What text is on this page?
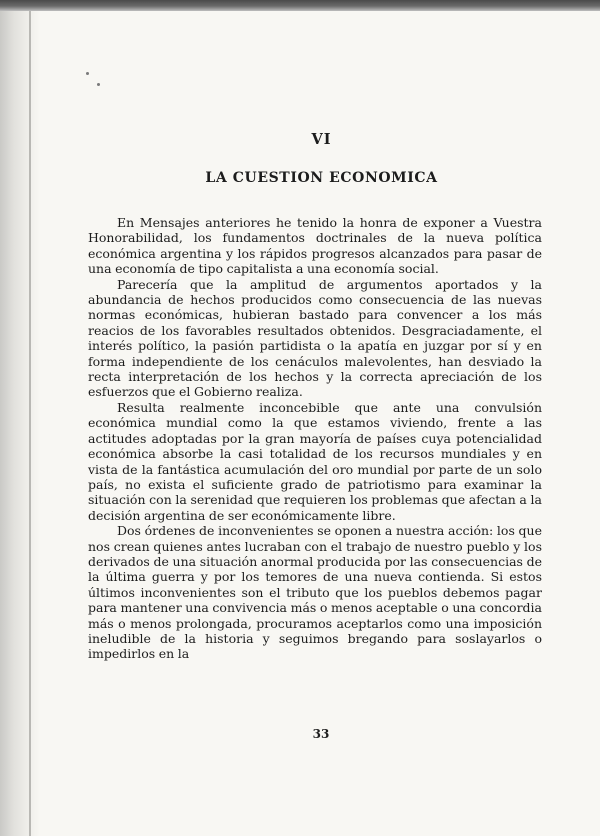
VI
LA CUESTION ECONOMICA

En Mensajes anteriores he tenido la honra de exponer a Vuestra Honorabilidad, los fundamentos doctrinales de la nueva política económica argentina y los rápidos progresos alcanzados para pasar de una economía de tipo capitalista a una economía social.

Parecería que la amplitud de argumentos aportados y la abundancia de hechos producidos como consecuencia de las nuevas normas económicas, hubieran bastado para convencer a los más reacios de los favorables resultados obtenidos. Desgraciadamente, el interés político, la pasión partidista o la apatía en juzgar por sí y en forma independiente de los cenáculos malevolentes, han desviado la recta interpretación de los hechos y la correcta apreciación de los esfuerzos que el Gobierno realiza.

Resulta realmente inconcebible que ante una convulsión económica mundial como la que estamos viviendo, frente a las actitudes adoptadas por la gran mayoría de países cuya potencialidad económica absorbe la casi totalidad de los recursos mundiales y en vista de la fantástica acumulación del oro mundial por parte de un solo país, no exista el suficiente grado de patriotismo para examinar la situación con la serenidad que requieren los problemas que afectan a la decisión argentina de ser económicamente libre.

Dos órdenes de inconvenientes se oponen a nuestra acción: los que nos crean quienes antes lucraban con el trabajo de nuestro pueblo y los derivados de una situación anormal producida por las consecuencias de la última guerra y por los temores de una nueva contienda. Si estos últimos inconvenientes son el tributo que los pueblos debemos pagar para mantener una convivencia más o menos aceptable o una concordia más o menos prolongada, procuramos aceptarlos como una imposición ineludible de la historia y seguimos bregando para soslayarlos o impedirlos en la

33
